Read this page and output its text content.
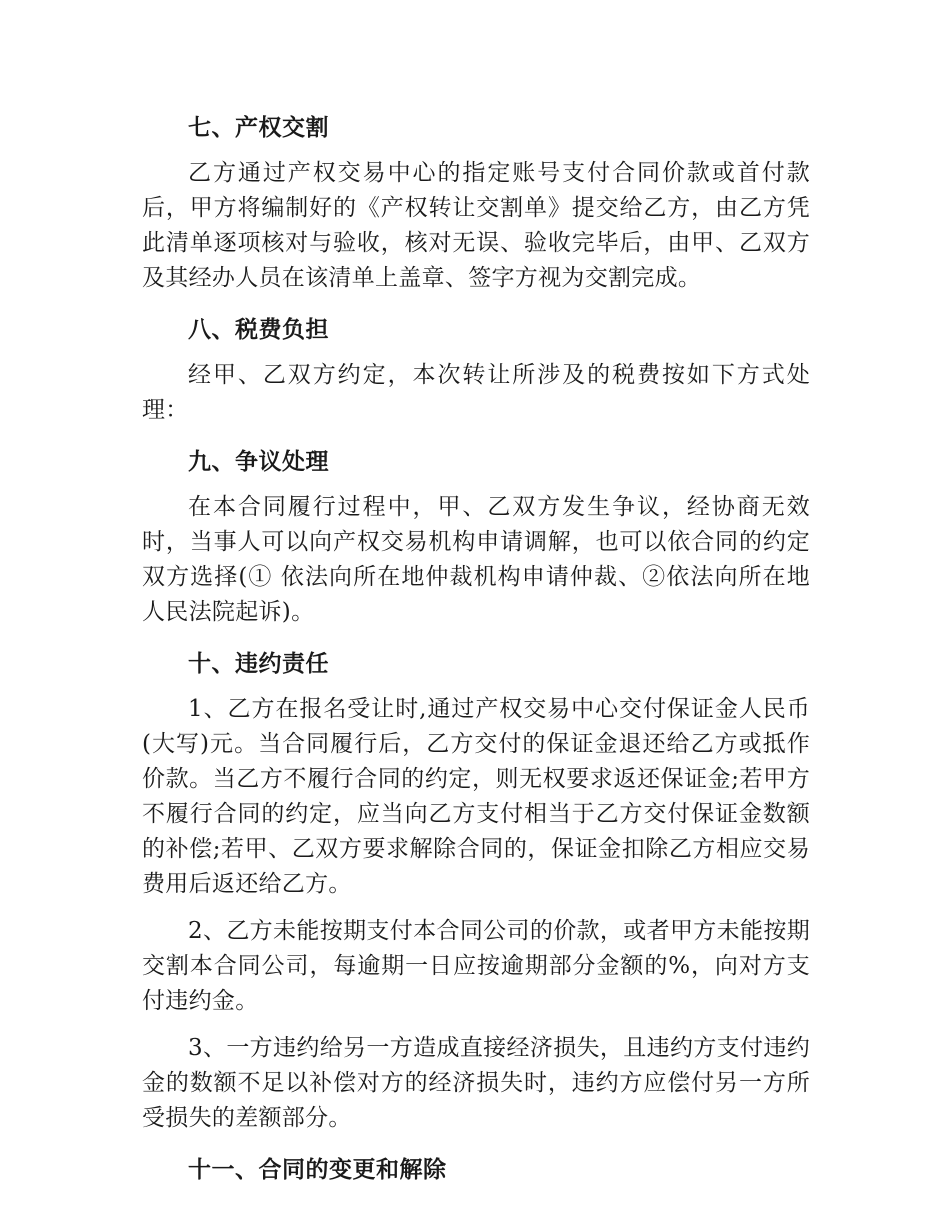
七、产权交割

乙方通过产权交易中心的指定账号支付合同价款或首付款后，甲方将编制好的《产权转让交割单》提交给乙方，由乙方凭此清单逐项核对与验收，核对无误、验收完毕后，由甲、乙双方及其经办人员在该清单上盖章、签字方视为交割完成。

八、税费负担

经甲、乙双方约定，本次转让所涉及的税费按如下方式处理：

九、争议处理

在本合同履行过程中，甲、乙双方发生争议，经协商无效时，当事人可以向产权交易机构申请调解，也可以依合同的约定双方选择(① 依法向所在地仲裁机构申请仲裁、②依法向所在地人民法院起诉)。

十、违约责任

1、乙方在报名受让时,通过产权交易中心交付保证金人民币(大写)元。当合同履行后，乙方交付的保证金退还给乙方或抵作价款。当乙方不履行合同的约定，则无权要求返还保证金;若甲方不履行合同的约定，应当向乙方支付相当于乙方交付保证金数额的补偿;若甲、乙双方要求解除合同的，保证金扣除乙方相应交易费用后返还给乙方。

2、乙方未能按期支付本合同公司的价款，或者甲方未能按期交割本合同公司，每逾期一日应按逾期部分金额的%，向对方支付违约金。

3、一方违约给另一方造成直接经济损失，且违约方支付违约金的数额不足以补偿对方的经济损失时，违约方应偿付另一方所受损失的差额部分。

十一、合同的变更和解除
